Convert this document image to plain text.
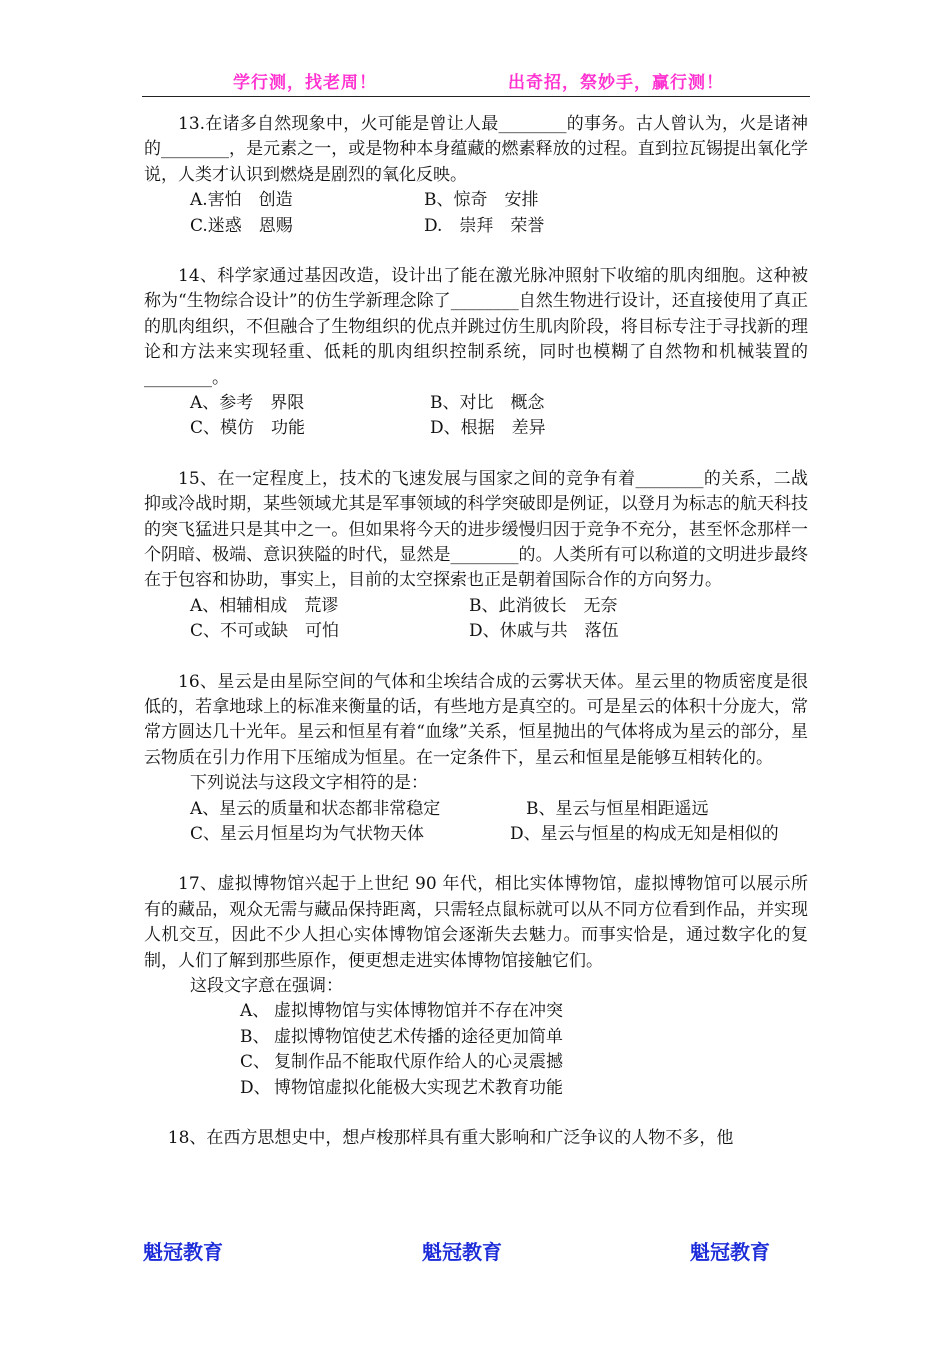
学行测，找老周！	出奇招，祭妙手，赢行测！

13.在诸多自然现象中，火可能是曾让人最________的事务。古人曾认为，火是诸神的________，是元素之一，或是物种本身蕴藏的燃素释放的过程。直到拉瓦锡提出氧化学说，人类才认识到燃烧是剧烈的氧化反映。

A.害怕　创造	B、惊奇　安排
C.迷惑　恩赐	D.　崇拜　荣誉

14、科学家通过基因改造，设计出了能在激光脉冲照射下收缩的肌肉细胞。这种被称为“生物综合设计”的仿生学新理念除了________自然生物进行设计，还直接使用了真正的肌肉组织，不但融合了生物组织的优点并跳过仿生肌肉阶段，将目标专注于寻找新的理论和方法来实现轻重、低耗的肌肉组织控制系统，同时也模糊了自然物和机械装置的________。

A、参考　界限	B、对比　概念
C、模仿　功能	D、根据　差异

15、在一定程度上，技术的飞速发展与国家之间的竞争有着________的关系，二战抑或冷战时期，某些领域尤其是军事领域的科学突破即是例证，以登月为标志的航天科技的突飞猛进只是其中之一。但如果将今天的进步缓慢归因于竞争不充分，甚至怀念那样一个阴暗、极端、意识狭隘的时代，显然是________的。人类所有可以称道的文明进步最终在于包容和协助，事实上，目前的太空探索也正是朝着国际合作的方向努力。

A、相辅相成　荒谬	B、此消彼长　无奈
C、不可或缺　可怕	D、休戚与共　落伍

16、星云是由星际空间的气体和尘埃结合成的云雾状天体。星云里的物质密度是很低的，若拿地球上的标准来衡量的话，有些地方是真空的。可是星云的体积十分庞大，常常方圆达几十光年。星云和恒星有着“血缘”关系，恒星抛出的气体将成为星云的部分，星云物质在引力作用下压缩成为恒星。在一定条件下，星云和恒星是能够互相转化的。

下列说法与这段文字相符的是：
A、星云的质量和状态都非常稳定	B、星云与恒星相距遥远
C、星云月恒星均为气状物天体	D、星云与恒星的构成无知是相似的

17、虚拟博物馆兴起于上世纪 90 年代，相比实体博物馆，虚拟博物馆可以展示所有的藏品，观众无需与藏品保持距离，只需轻点鼠标就可以从不同方位看到作品，并实现人机交互，因此不少人担心实体博物馆会逐渐失去魅力。而事实恰是，通过数字化的复制，人们了解到那些原作，便更想走进实体博物馆接触它们。

这段文字意在强调：
A、 虚拟博物馆与实体博物馆并不存在冲突
B、 虚拟博物馆使艺术传播的途径更加简单
C、 复制作品不能取代原作给人的心灵震撼
D、 博物馆虚拟化能极大实现艺术教育功能

18、在西方思想史中，想卢梭那样具有重大影响和广泛争议的人物不多，他

魁冠教育	魁冠教育	魁冠教育
